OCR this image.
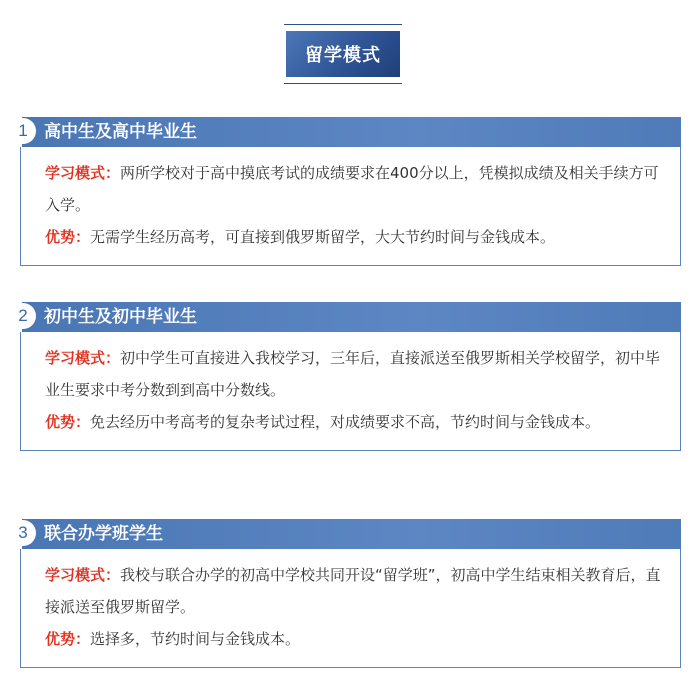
留学模式
1 高中生及高中毕业生

学习模式：两所学校对于高中摸底考试的成绩要求在400分以上，凭模拟成绩及相关手续方可入学。

优势：无需学生经历高考，可直接到俄罗斯留学，大大节约时间与金钱成本。

2 初中生及初中毕业生

学习模式：初中学生可直接进入我校学习，三年后，直接派送至俄罗斯相关学校留学，初中毕业生要求中考分数到到高中分数线。

优势：免去经历中考高考的复杂考试过程，对成绩要求不高，节约时间与金钱成本。

3 联合办学班学生

学习模式：我校与联合办学的初高中学校共同开设“留学班”，初高中学生结束相关教育后，直接派送至俄罗斯留学。

优势：选择多，节约时间与金钱成本。
